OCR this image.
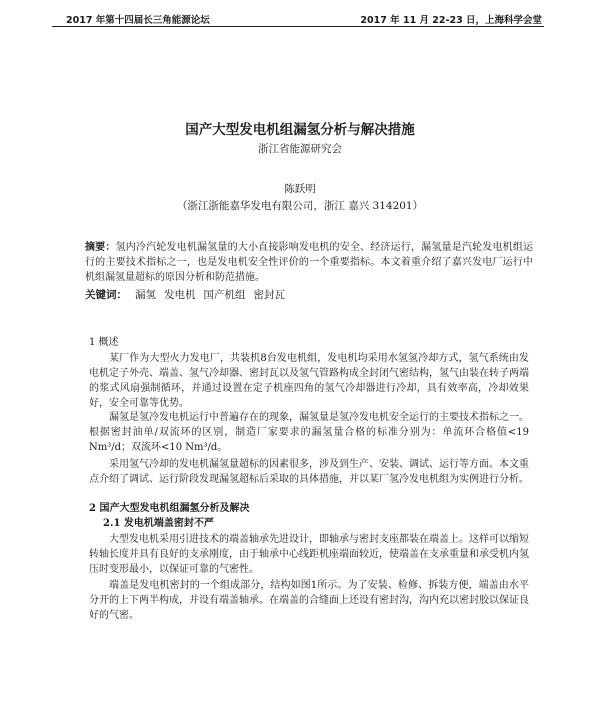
2017 年第十四届长三角能源论坛	2017 年 11 月 22-23 日，上海科学会堂
国产大型发电机组漏氢分析与解决措施
浙江省能源研究会
陈跃明
（浙江浙能嘉华发电有限公司，浙江 嘉兴 314201）
摘要：氢内冷汽轮发电机漏氢量的大小直接影响发电机的安全、经济运行，漏氢量是汽轮发电机组运行的主要技术指标之一，也是发电机安全性评价的一个重要指标。本文着重介绍了嘉兴发电厂运行中机组漏氢量超标的原因分析和防范措施。
关键词： 漏氢 发电机 国产机组 密封瓦
1 概述

某厂作为大型火力发电厂，共装机8台发电机组，发电机均采用水氢氢冷却方式，氢气系统由发电机定子外壳、端盖、氢气冷却器、密封瓦以及氢气管路构成全封闭气密结构，氢气由装在转子两端的浆式风扇强制循环，并通过设置在定子机座四角的氢气冷却器进行冷却，具有效率高，冷却效果好，安全可靠等优势。

漏氢是氢冷发电机运行中普遍存在的现象，漏氢量是氢冷发电机安全运行的主要技术指标之一。根据密封油单/双流环的区别，制造厂家要求的漏氢量合格的标准分别为：单流环合格值<19 Nm³/d；双流环<10 Nm³/d。

采用氢气冷却的发电机漏氢量超标的因素很多，涉及到生产、安装、调试、运行等方面。本文重点介绍了调试、运行阶段发现漏氢超标后采取的具体措施，并以某厂氢冷发电机组为实例进行分析。

2 国产大型发电机组漏氢分析及解决
2.1 发电机端盖密封不严

大型发电机采用引进技术的端盖轴承先进设计，即轴承与密封支座都装在端盖上。这样可以缩短转轴长度并具有良好的支承刚度，由于轴承中心线距机座端面较近，使端盖在支承重量和承受机内氢压时变形最小，以保证可靠的气密性。

端盖是发电机密封的一个组成部分，结构如图1所示。为了安装、检修、拆装方便，端盖由水平分开的上下两半构成，并设有端盖轴承。在端盖的合缝面上还设有密封沟，沟内充以密封胶以保证良好的气密。
